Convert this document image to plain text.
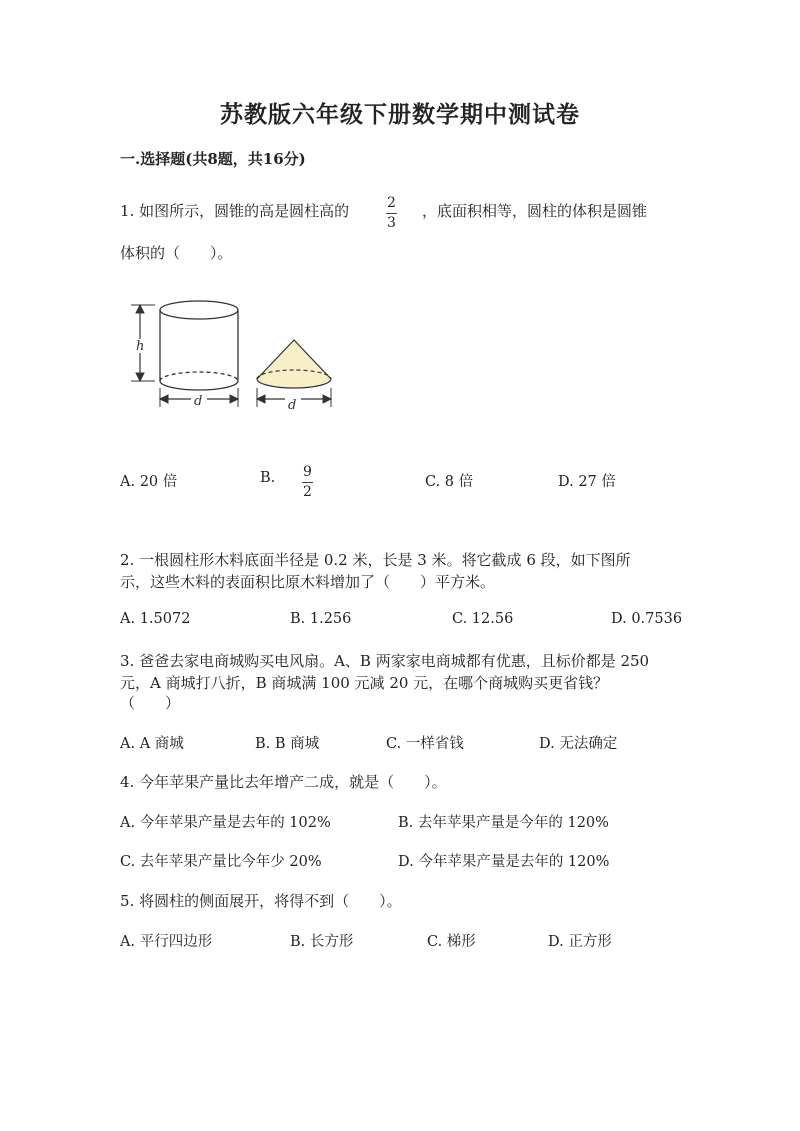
苏教版六年级下册数学期中测试卷
一.选择题(共8题，共16分)
1. 如图所示，圆锥的高是圆柱高的	2
3
，底面积相等，圆柱的体积是圆锥
体积的（　　）。
h
d	d
A. 20 倍	B. 9
2
C. 8 倍	D. 27 倍
2. 一根圆柱形木料底面半径是 0.2 米，长是 3 米。将它截成 6 段，如下图所
示，这些木料的表面积比原木料增加了（　　）平方米。
A. 1.5072	B. 1.256	C. 12.56	D. 0.7536
3. 爸爸去家电商城购买电风扇。A、B 两家家电商城都有优惠，且标价都是 250
元，A 商城打八折，B 商城满 100 元减 20 元，在哪个商城购买更省钱？
（　　）
A. A 商城	B. B 商城	C. 一样省钱	D. 无法确定
4. 今年苹果产量比去年增产二成，就是（　　）。
A. 今年苹果产量是去年的 102%	B. 去年苹果产量是今年的 120%
C. 去年苹果产量比今年少 20%	D. 今年苹果产量是去年的 120%
5. 将圆柱的侧面展开，将得不到（　　）。
A. 平行四边形	B. 长方形	C. 梯形	D. 正方形
